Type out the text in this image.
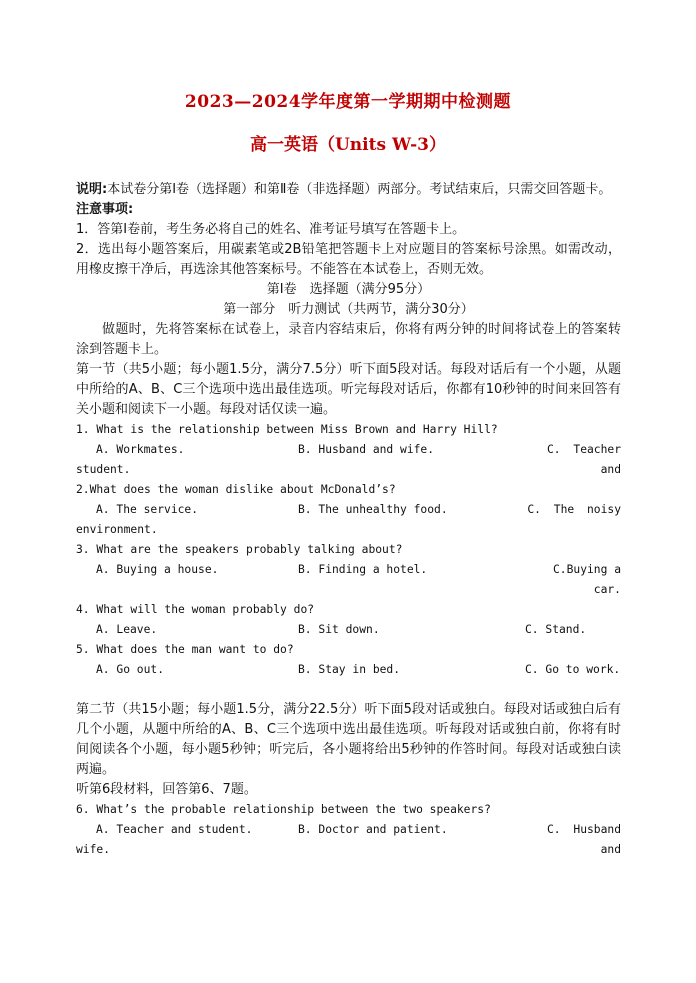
2023—2024学年度第一学期期中检测题
高一英语（Units W-3）

说明:本试卷分第Ⅰ卷（选择题）和第Ⅱ卷（非选择题）两部分。考试结束后，只需交回答题卡。

注意事项:

1．答第Ⅰ卷前，考生务必将自己的姓名、准考证号填写在答题卡上。

2．选出每小题答案后，用碳素笔或2B铅笔把答题卡上对应题目的答案标号涂黑。如需改动，用橡皮擦干净后，再选涂其他答案标号。不能答在本试卷上，否则无效。

第Ⅰ卷　选择题（满分95分）

第一部分　听力测试（共两节，满分30分）

做题时，先将答案标在试卷上，录音内容结束后，你将有两分钟的时间将试卷上的答案转涂到答题卡上。

第一节（共5小题；每小题1.5分，满分7.5分）听下面5段对话。每段对话后有一个小题，从题中所给的A、B、C三个选项中选出最佳选项。听完每段对话后，你都有10秒钟的时间来回答有关小题和阅读下一小题。每段对话仅读一遍。

1. What is the relationship between Miss Brown and Harry Hill?

A. Workmates.	B. Husband and wife.	C. Teacher and

student.

2.What does the woman dislike about McDonald’s?

A. The service.	B. The unhealthy food.	C. The noisy

environment.

3. What are the speakers probably talking about?

A. Buying a house.	B. Finding a hotel.	C.Buying a car.

4. What will the woman probably do?

A. Leave.	B. Sit down.	C. Stand.

5. What does the man want to do?

A. Go out.	B. Stay in bed.	C. Go to work.

第二节（共15小题；每小题1.5分，满分22.5分）听下面5段对话或独白。每段对话或独白后有几个小题，从题中所给的A、B、C三个选项中选出最佳选项。听每段对话或独白前，你将有时间阅读各个小题，每小题5秒钟；听完后，各小题将给出5秒钟的作答时间。每段对话或独白读两遍。

听第6段材料，回答第6、7题。

6. What’s the probable relationship between the two speakers?

A. Teacher and student.	B. Doctor and patient.	C. Husband and

wife.
